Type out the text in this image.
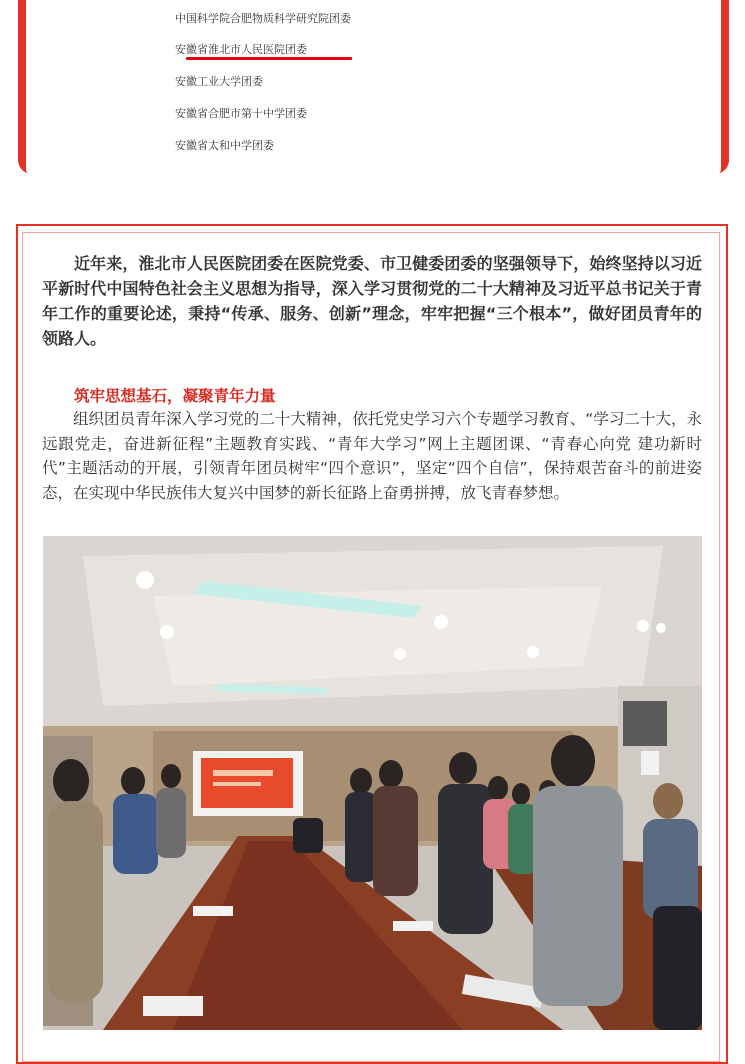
中国科学院合肥物质科学研究院团委
安徽省淮北市人民医院团委
安徽工业大学团委
安徽省合肥市第十中学团委
安徽省太和中学团委

近年来，淮北市人民医院团委在医院党委、市卫健委团委的坚强领导下，始终坚持以习近平新时代中国特色社会主义思想为指导，深入学习贯彻党的二十大精神及习近平总书记关于青年工作的重要论述，秉持“传承、服务、创新”理念，牢牢把握“三个根本”，做好团员青年的领路人。

筑牢思想基石，凝聚青年力量

组织团员青年深入学习党的二十大精神，依托党史学习六个专题学习教育、“学习二十大，永远跟党走，奋进新征程”主题教育实践、“青年大学习”网上主题团课、“青春心向党 建功新时代”主题活动的开展，引领青年团员树牢“四个意识”，坚定“四个自信”，保持艰苦奋斗的前进姿态，在实现中华民族伟大复兴中国梦的新长征路上奋勇拼搏，放飞青春梦想。
